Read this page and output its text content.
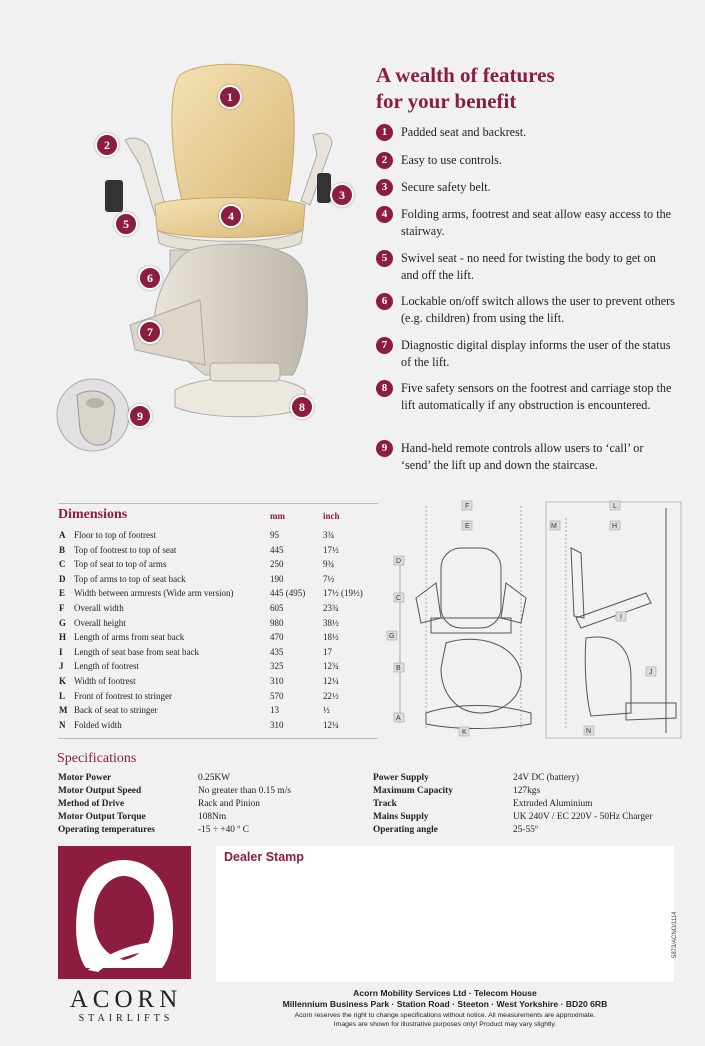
1
2
3
4
5
6
7
8
9
A wealth of features
for your benefit
1	Padded seat and backrest.
2	Easy to use controls.
3	Secure safety belt.
4	Folding arms, footrest and seat allow easy access to the stairway.
5	Swivel seat - no need for twisting the body to get on and off the lift.
6	Lockable on/off switch allows the user to prevent others (e.g. children) from using the lift.
7	Diagnostic digital display informs the user of the status of the lift.
8	Five safety sensors on the footrest and carriage stop the lift automatically if any obstruction is encountered.
9	Hand-held remote controls allow users to ‘call’ or ‘send’ the lift up and down the staircase.
Dimensions	mm	inch
A Floor to top of footrest	95	3¾
B Top of footrest to top of seat	445	17½
C Top of seat to top of arms	250	9¾
D Top of arms to top of seat back	190	7½
E Width between armrests (Wide arm version)	445 (495) 17½ (19½)
F Overall width	605	23¾
G Overall height	980	38½
H Length of arms from seat back	470	18½
I Length of seat base from seat back	435	17
J Length of footrest	325	12¾
K Width of footrest	310	12¼
L Front of footrest to stringer	570	22½
M Back of seat to stringer	13	½
N Folded width	310	12¼
F
E
D
C
G
B
A
K
L
M	H
I
J
N
Specifications
Motor Power	0.25KW
Motor Output Speed	No greater than 0.15 m/s
Method of Drive	Rack and Pinion
Motor Output Torque	108Nm
Operating temperatures	-15 ÷ +40 º C
Power Supply	24V DC (battery)
Maximum Capacity	127kgs
Track	Extruded Aluminium
Mains Supply	UK 240V / EC 220V - 50Hz Charger
Operating angle	25-55º
ACORN
STAIRLIFTS
Dealer Stamp
5873/ACNO/1114
Acorn Mobility Services Ltd · Telecom House
Millennium Business Park · Station Road · Steeton · West Yorkshire · BD20 6RB
Acorn reserves the right to change specifications without notice. All measurements are approximate.
Images are shown for illustrative purposes only! Product may vary slightly.
